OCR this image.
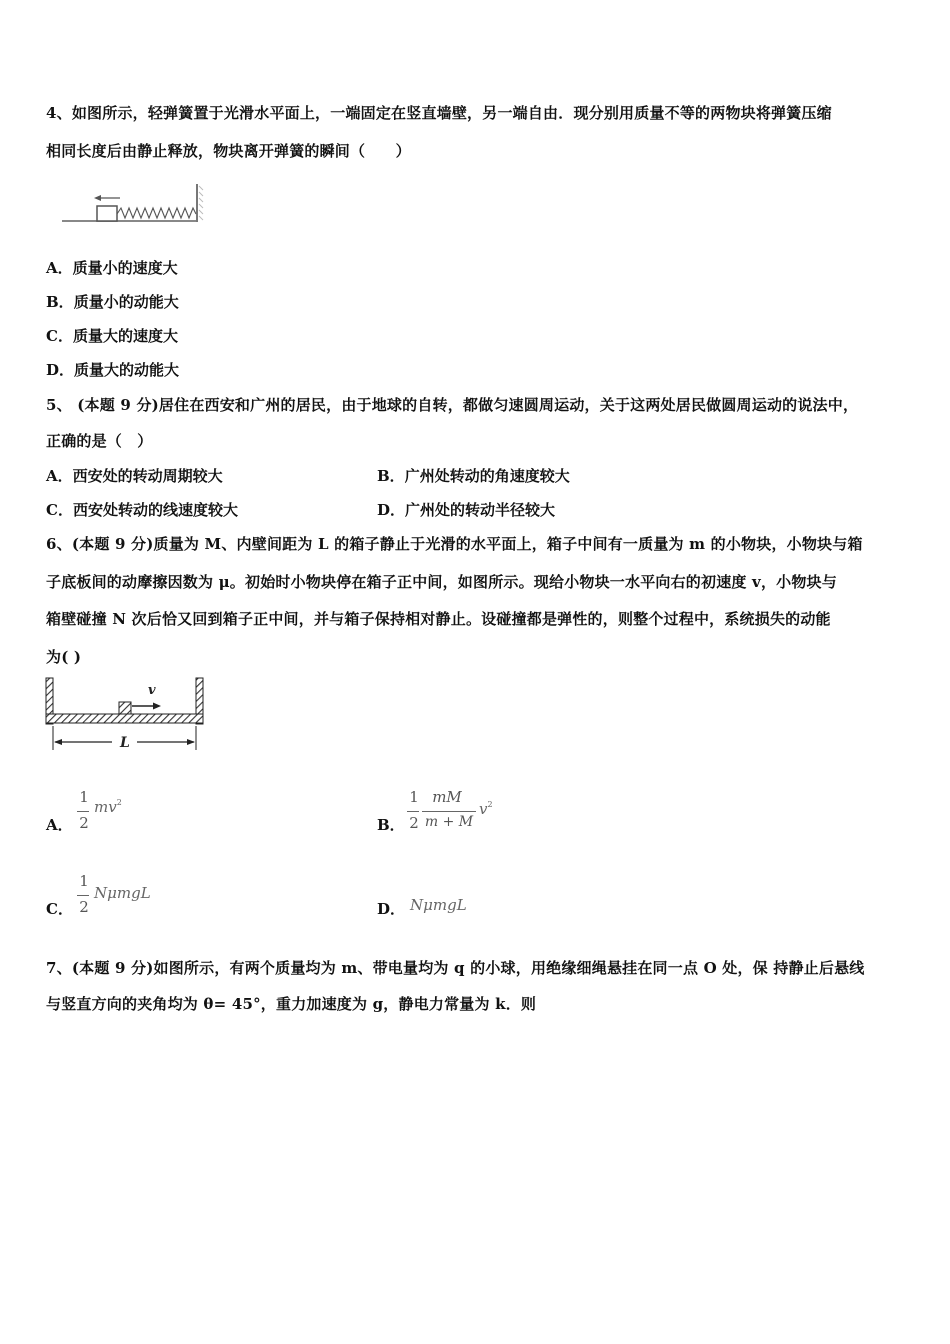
4、如图所示，轻弹簧置于光滑水平面上，一端固定在竖直墙壁，另一端自由．现分别用质量不等的两物块将弹簧压缩
相同长度后由静止释放，物块离开弹簧的瞬间（　　）
A．质量小的速度大
B．质量小的动能大
C．质量大的速度大
D．质量大的动能大
5、 (本题 9 分)居住在西安和广州的居民，由于地球的自转，都做匀速圆周运动，关于这两处居民做圆周运动的说法中，
正确的是（　）
A．西安处的转动周期较大	B．广州处转动的角速度较大
C．西安处转动的线速度较大	D．广州处的转动半径较大
6、(本题 9 分)质量为 M、内壁间距为 L 的箱子静止于光滑的水平面上，箱子中间有一质量为 m 的小物块，小物块与箱
子底板间的动摩擦因数为 μ。初始时小物块停在箱子正中间，如图所示。现给小物块一水平向右的初速度 v，小物块与
箱壁碰撞 N 次后恰又回到箱子正中间，并与箱子保持相对静止。设碰撞都是弹性的，则整个过程中，系统损失的动能
为( )
v
L
A．
1
2
$mv^2$
B．
1
2
mM
m + M
$v^2$
C．
1
2
NμmgL
D． NμmgL
7、(本题 9 分)如图所示，有两个质量均为 m、带电量均为 q 的小球，用绝缘细绳悬挂在同一点 O 处，保 持静止后悬线
与竖直方向的夹角均为 θ= 45°，重力加速度为 g，静电力常量为 k．则
